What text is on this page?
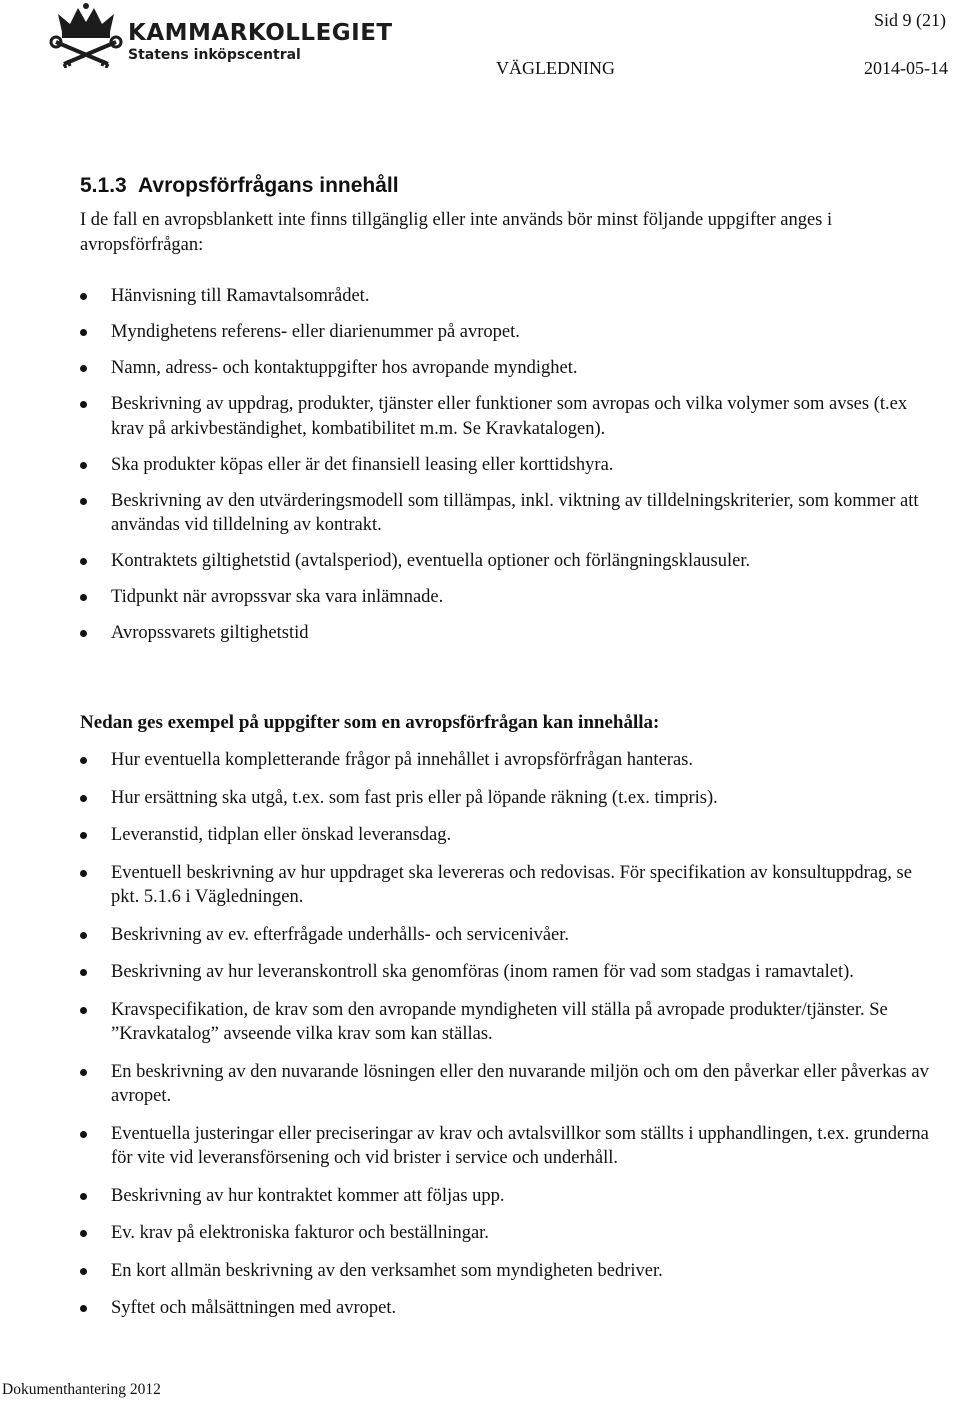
KAMMARKOLLEGIET
Statens inköpscentral
Sid 9 (21)
VÄGLEDNING	2014-05-14
5.1.3 Avropsförfrågans innehåll

I de fall en avropsblankett inte finns tillgänglig eller inte används bör minst följande uppgifter anges i avropsförfrågan:

Hänvisning till Ramavtalsområdet.
Myndighetens referens- eller diarienummer på avropet.
Namn, adress- och kontaktuppgifter hos avropande myndighet.
Beskrivning av uppdrag, produkter, tjänster eller funktioner som avropas och vilka volymer som avses (t.ex krav på arkivbeständighet, kombatibilitet m.m. Se Kravkatalogen).
Ska produkter köpas eller är det finansiell leasing eller korttidshyra.
Beskrivning av den utvärderingsmodell som tillämpas, inkl. viktning av tilldelningskriterier, som kommer att användas vid tilldelning av kontrakt.
Kontraktets giltighetstid (avtalsperiod), eventuella optioner och förlängningsklausuler.
Tidpunkt när avropssvar ska vara inlämnade.
Avropssvarets giltighetstid

Nedan ges exempel på uppgifter som en avropsförfrågan kan innehålla:

Hur eventuella kompletterande frågor på innehållet i avropsförfrågan hanteras.
Hur ersättning ska utgå, t.ex. som fast pris eller på löpande räkning (t.ex. timpris).
Leveranstid, tidplan eller önskad leveransdag.
Eventuell beskrivning av hur uppdraget ska levereras och redovisas. För specifikation av konsultuppdrag, se pkt. 5.1.6 i Vägledningen.
Beskrivning av ev. efterfrågade underhålls- och servicenivåer.
Beskrivning av hur leveranskontroll ska genomföras (inom ramen för vad som stadgas i ramavtalet).
Kravspecifikation, de krav som den avropande myndigheten vill ställa på avropade produkter/tjänster. Se ”Kravkatalog” avseende vilka krav som kan ställas.
En beskrivning av den nuvarande lösningen eller den nuvarande miljön och om den påverkar eller påverkas av avropet.
Eventuella justeringar eller preciseringar av krav och avtalsvillkor som ställts i upphandlingen, t.ex. grunderna för vite vid leveransförsening och vid brister i service och underhåll.
Beskrivning av hur kontraktet kommer att följas upp.
Ev. krav på elektroniska fakturor och beställningar.
En kort allmän beskrivning av den verksamhet som myndigheten bedriver.
Syftet och målsättningen med avropet.
Dokumenthantering 2012
